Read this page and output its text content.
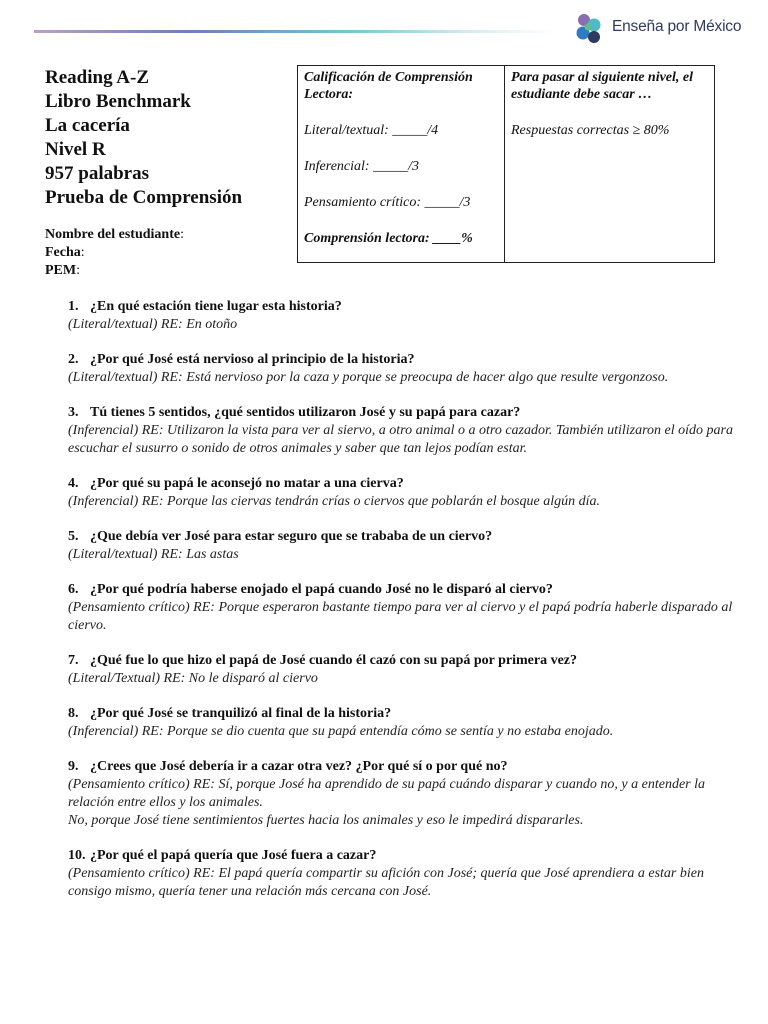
Enseña por México
Reading A-Z
Libro Benchmark
La cacería
Nivel R
957 palabras
Prueba de Comprensión
Nombre del estudiante:
Fecha:
PEM:
Calificación de Comprensión Lectora:
Literal/textual: _____/4
Inferencial: _____/3
Pensamiento crítico: _____/3
Comprensión lectora: ____%
Para pasar al siguiente nivel, el estudiante debe sacar …
Respuestas correctas ≥ 80%
1. ¿En qué estación tiene lugar esta historia?
(Literal/textual) RE: En otoño
2. ¿Por qué José está nervioso al principio de la historia?
(Literal/textual) RE: Está nervioso por la caza y porque se preocupa de hacer algo que resulte vergonzoso.
3. Tú tienes 5 sentidos, ¿qué sentidos utilizaron José y su papá para cazar?
(Inferencial) RE: Utilizaron la vista para ver al siervo, a otro animal o a otro cazador. También utilizaron el oído para escuchar el susurro o sonido de otros animales y saber que tan lejos podían estar.
4. ¿Por qué su papá le aconsejó no matar a una cierva?
(Inferencial) RE: Porque las ciervas tendrán crías o ciervos que poblarán el bosque algún día.
5. ¿Que debía ver José para estar seguro que se trababa de un ciervo?
(Literal/textual) RE: Las astas
6. ¿Por qué podría haberse enojado el papá cuando José no le disparó al ciervo?
(Pensamiento crítico) RE: Porque esperaron bastante tiempo para ver al ciervo y el papá podría haberle disparado al ciervo.
7. ¿Qué fue lo que hizo el papá de José cuando él cazó con su papá por primera vez?
(Literal/Textual) RE: No le disparó al ciervo
8. ¿Por qué José se tranquilizó al final de la historia?
(Inferencial) RE: Porque se dio cuenta que su papá entendía cómo se sentía y no estaba enojado.
9. ¿Crees que José debería ir a cazar otra vez? ¿Por qué sí o por qué no?
(Pensamiento crítico) RE: Sí, porque José ha aprendido de su papá cuándo disparar y cuando no, y a entender la relación entre ellos y los animales.
No, porque José tiene sentimientos fuertes hacia los animales y eso le impedirá dispararles.
10. ¿Por qué el papá quería que José fuera a cazar?
(Pensamiento crítico) RE: El papá quería compartir su afición con José; quería que José aprendiera a estar bien consigo mismo, quería tener una relación más cercana con José.
